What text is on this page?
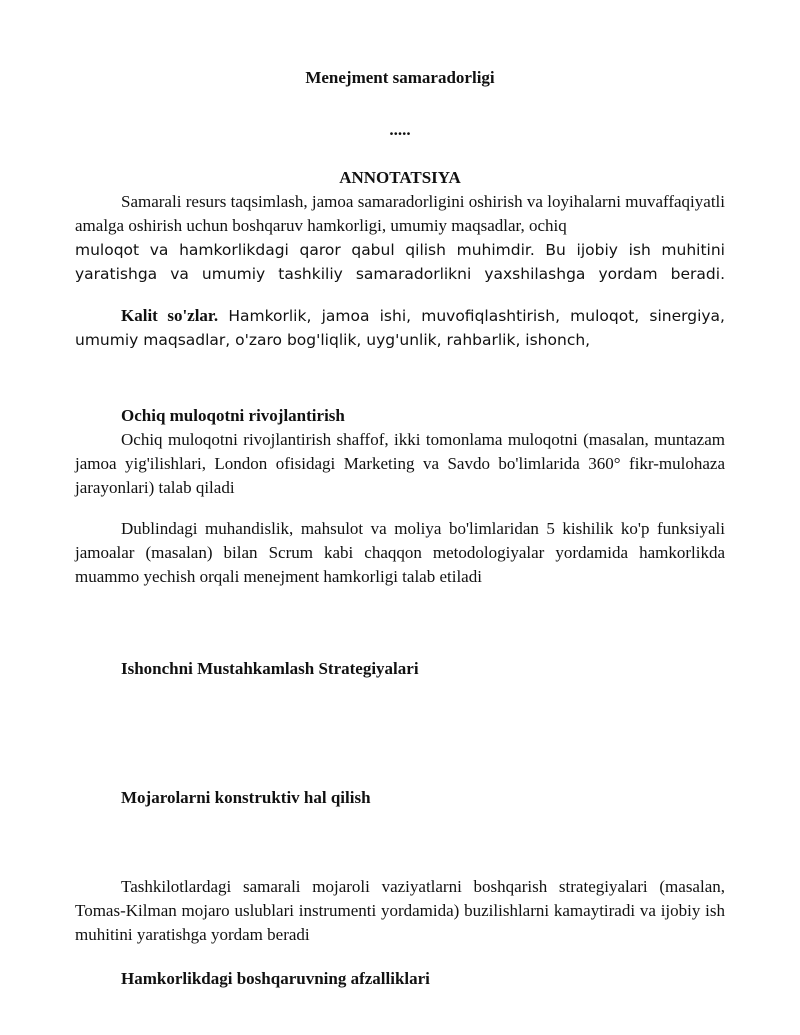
Menejment samaradorligi
.....
ANNOTATSIYA
Samarali resurs taqsimlash, jamoa samaradorligini oshirish va loyihalarni muvaffaqiyatli amalga oshirish uchun boshqaruv hamkorligi, umumiy maqsadlar, ochiq
muloqot va hamkorlikdagi qaror qabul qilish muhimdir. Bu ijobiy ish muhitini yaratishga va umumiy tashkiliy samaradorlikni yaxshilashga yordam beradi.
Kalit so'zlar. Hamkorlik, jamoa ishi, muvofiqlashtirish, muloqot, sinergiya, umumiy maqsadlar, o'zaro bog'liqlik, uyg'unlik, rahbarlik, ishonch,
Ochiq muloqotni rivojlantirish
Ochiq muloqotni rivojlantirish shaffof, ikki tomonlama muloqotni (masalan, muntazam jamoa yig'ilishlari, London ofisidagi Marketing va Savdo bo'limlarida 360° fikr-mulohaza jarayonlari) talab qiladi
Dublindagi muhandislik, mahsulot va moliya bo'limlaridan 5 kishilik ko'p funksiyali jamoalar (masalan) bilan Scrum kabi chaqqon metodologiyalar yordamida hamkorlikda muammo yechish orqali menejment hamkorligi talab etiladi
Ishonchni Mustahkamlash Strategiyalari
Mojarolarni konstruktiv hal qilish
Tashkilotlardagi samarali mojaroli vaziyatlarni boshqarish strategiyalari (masalan, Tomas-Kilman mojaro uslublari instrumenti yordamida) buzilishlarni kamaytiradi va ijobiy ish muhitini yaratishga yordam beradi
Hamkorlikdagi boshqaruvning afzalliklari
